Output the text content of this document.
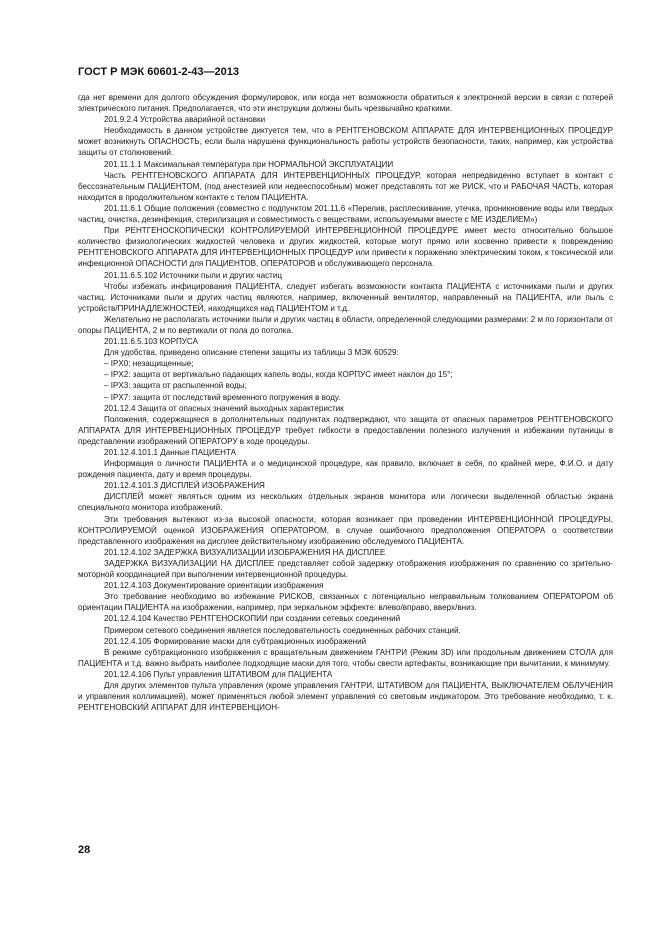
ГОСТ Р МЭК 60601-2-43—2013

гда нет времени для долгого обсуждения формулировок, или когда нет возможности обратиться к электронной версии в связи с потерей электрического питания. Предполагается, что эти инструкции должны быть чрезвычайно краткими.

201.9.2.4 Устройства аварийной остановки

Необходимость в данном устройстве диктуется тем, что в РЕНТГЕНОВСКОМ АППАРАТЕ ДЛЯ ИНТЕРВЕНЦИОННЫХ ПРОЦЕДУР может возникнуть ОПАСНОСТЬ, если была нарушена функциональность работы устройств безопасности, таких, например, как устройства защиты от столкновений.

201.11.1.1 Максимальная температура при НОРМАЛЬНОЙ ЭКСПЛУАТАЦИИ

Часть РЕНТГЕНОВСКОГО АППАРАТА ДЛЯ ИНТЕРВЕНЦИОННЫХ ПРОЦЕДУР, которая непредвиденно вступает в контакт с бессознательным ПАЦИЕНТОМ, (под анестезией или недееспособным) может представлять тот же РИСК, что и РАБОЧАЯ ЧАСТЬ, которая находится в продолжительном контакте с телом ПАЦИЕНТА.

201.11.6.1 Общие положения (совместно с подпунктом 201.11.6 «Перелив, расплескивание, утечка, проникновение воды или твердых частиц, очистка, дезинфекция, стерилизация и совместимость с веществами, используемыми вместе с МЕ ИЗДЕЛИЕМ»)

При РЕНТГЕНОСКОПИЧЕСКИ КОНТРОЛИРУЕМОЙ ИНТЕРВЕНЦИОННОЙ ПРОЦЕДУРЕ имеет место относительно большое количество физиологических жидкостей человека и других жидкостей, которые могут прямо или косвенно привести к повреждению РЕНТГЕНОВСКОГО АППАРАТА ДЛЯ ИНТЕРВЕНЦИОННЫХ ПРОЦЕДУР или привести к поражению электрическим током, к токсической или инфекционной ОПАСНОСТИ для ПАЦИЕНТОВ, ОПЕРАТОРОВ и обслуживающего персонала.

201.11.6.5.102 Источники пыли и других частиц

Чтобы избежать инфицирования ПАЦИЕНТА, следует избегать возможности контакта ПАЦИЕНТА с источниками пыли и других частиц. Источниками пыли и других частиц являются, например, включенный вентилятор, направленный на ПАЦИЕНТА, или пыль с устройств/ПРИНАДЛЕЖНОСТЕЙ, находящихся над ПАЦИЕНТОМ и т.д.

Желательно не располагать источники пыли и других частиц в области, определенной следующими размерами: 2 м по горизонтали от опоры ПАЦИЕНТА, 2 м по вертикали от пола до потолка.

201.11.6.5.103 КОРПУСА

Для удобства, приведено описание степени защиты из таблицы 3 МЭК 60529:

– IPX0: незащищенные;

– IPX2: защита от вертикально падающих капель воды, когда КОРПУС имеет наклон до 15°;

– IPX3: защита от распыленной воды;

– IPX7: защита от последствий временного погружения в воду.

201.12.4 Защита от опасных значений выходных характеристик

Положения, содержащиеся в дополнительных подпунктах подтверждают, что защита от опасных параметров РЕНТГЕНОВСКОГО АППАРАТА ДЛЯ ИНТЕРВЕНЦИОННЫХ ПРОЦЕДУР требует гибкости в предоставлении полезного излучения и избежании путаницы в представлении изображений ОПЕРАТОРУ в ходе процедуры.

201.12.4.101.1 Данные ПАЦИЕНТА

Информация о личности ПАЦИЕНТА и о медицинской процедуре, как правило, включает в себя, по крайней мере, Ф.И.О. и дату рождения пациента, дату и время процедуры.

201.12.4.101.3 ДИСПЛЕЙ ИЗОБРАЖЕНИЯ

ДИСПЛЕЙ может являться одним из нескольких отдельных экранов монитора или логически выделенной областью экрана специального монитора изображений.

Эти требования вытекают из-за высокой опасности, которая возникает при проведении ИНТЕРВЕНЦИОННОЙ ПРОЦЕДУРЫ, КОНТРОЛИРУЕМОЙ оценкой ИЗОБРАЖЕНИЯ ОПЕРАТОРОМ, в случае ошибочного предположения ОПЕРАТОРА о соответствии представленного изображения на дисплее действительному изображению обследуемого ПАЦИЕНТА.

201.12.4.102 ЗАДЕРЖКА ВИЗУАЛИЗАЦИИ ИЗОБРАЖЕНИЯ НА ДИСПЛЕЕ

ЗАДЕРЖКА ВИЗУАЛИЗАЦИИ НА ДИСПЛЕЕ представляет собой задержку отображения изображения по сравнению со зрительно-моторной координацией при выполнении интервенционной процедуры.

201.12.4.103 Документирование ориентации изображения

Это требование необходимо во избежание РИСКОВ, связанных с потенциально неправильным толкованием ОПЕРАТОРОМ об ориентации ПАЦИЕНТА на изображении, например, при зеркальном эффекте: влево/вправо, вверх/вниз.

201.12.4.104 Качество РЕНТГЕНОСКОПИИ при создании сетевых соединений

Примером сетевого соединения является последовательность соединенных рабочих станций.

201.12.4.105 Формирование маски для субтракционных изображений

В режиме субтракционного изображения с вращательным движением ГАНТРИ (Режим 3D) или продольным движением СТОЛА для ПАЦИЕНТА и т.д. важно выбрать наиболее подходящие маски для того, чтобы свести артефакты, возникающие при вычитании, к минимуму.

201.12.4.106 Пульт управления ШТАТИВОМ для ПАЦИЕНТА

Для других элементов пульта управления (кроме управления ГАНТРИ, ШТАТИВОМ для ПАЦИЕНТА, ВЫКЛЮЧАТЕЛЕМ ОБЛУЧЕНИЯ и управления коллимацией), может применяться любой элемент управления со световым индикатором. Это требование необходимо, т. к. РЕНТГЕНОВСКИЙ АППАРАТ ДЛЯ ИНТЕРВЕНЦИОН-

28
